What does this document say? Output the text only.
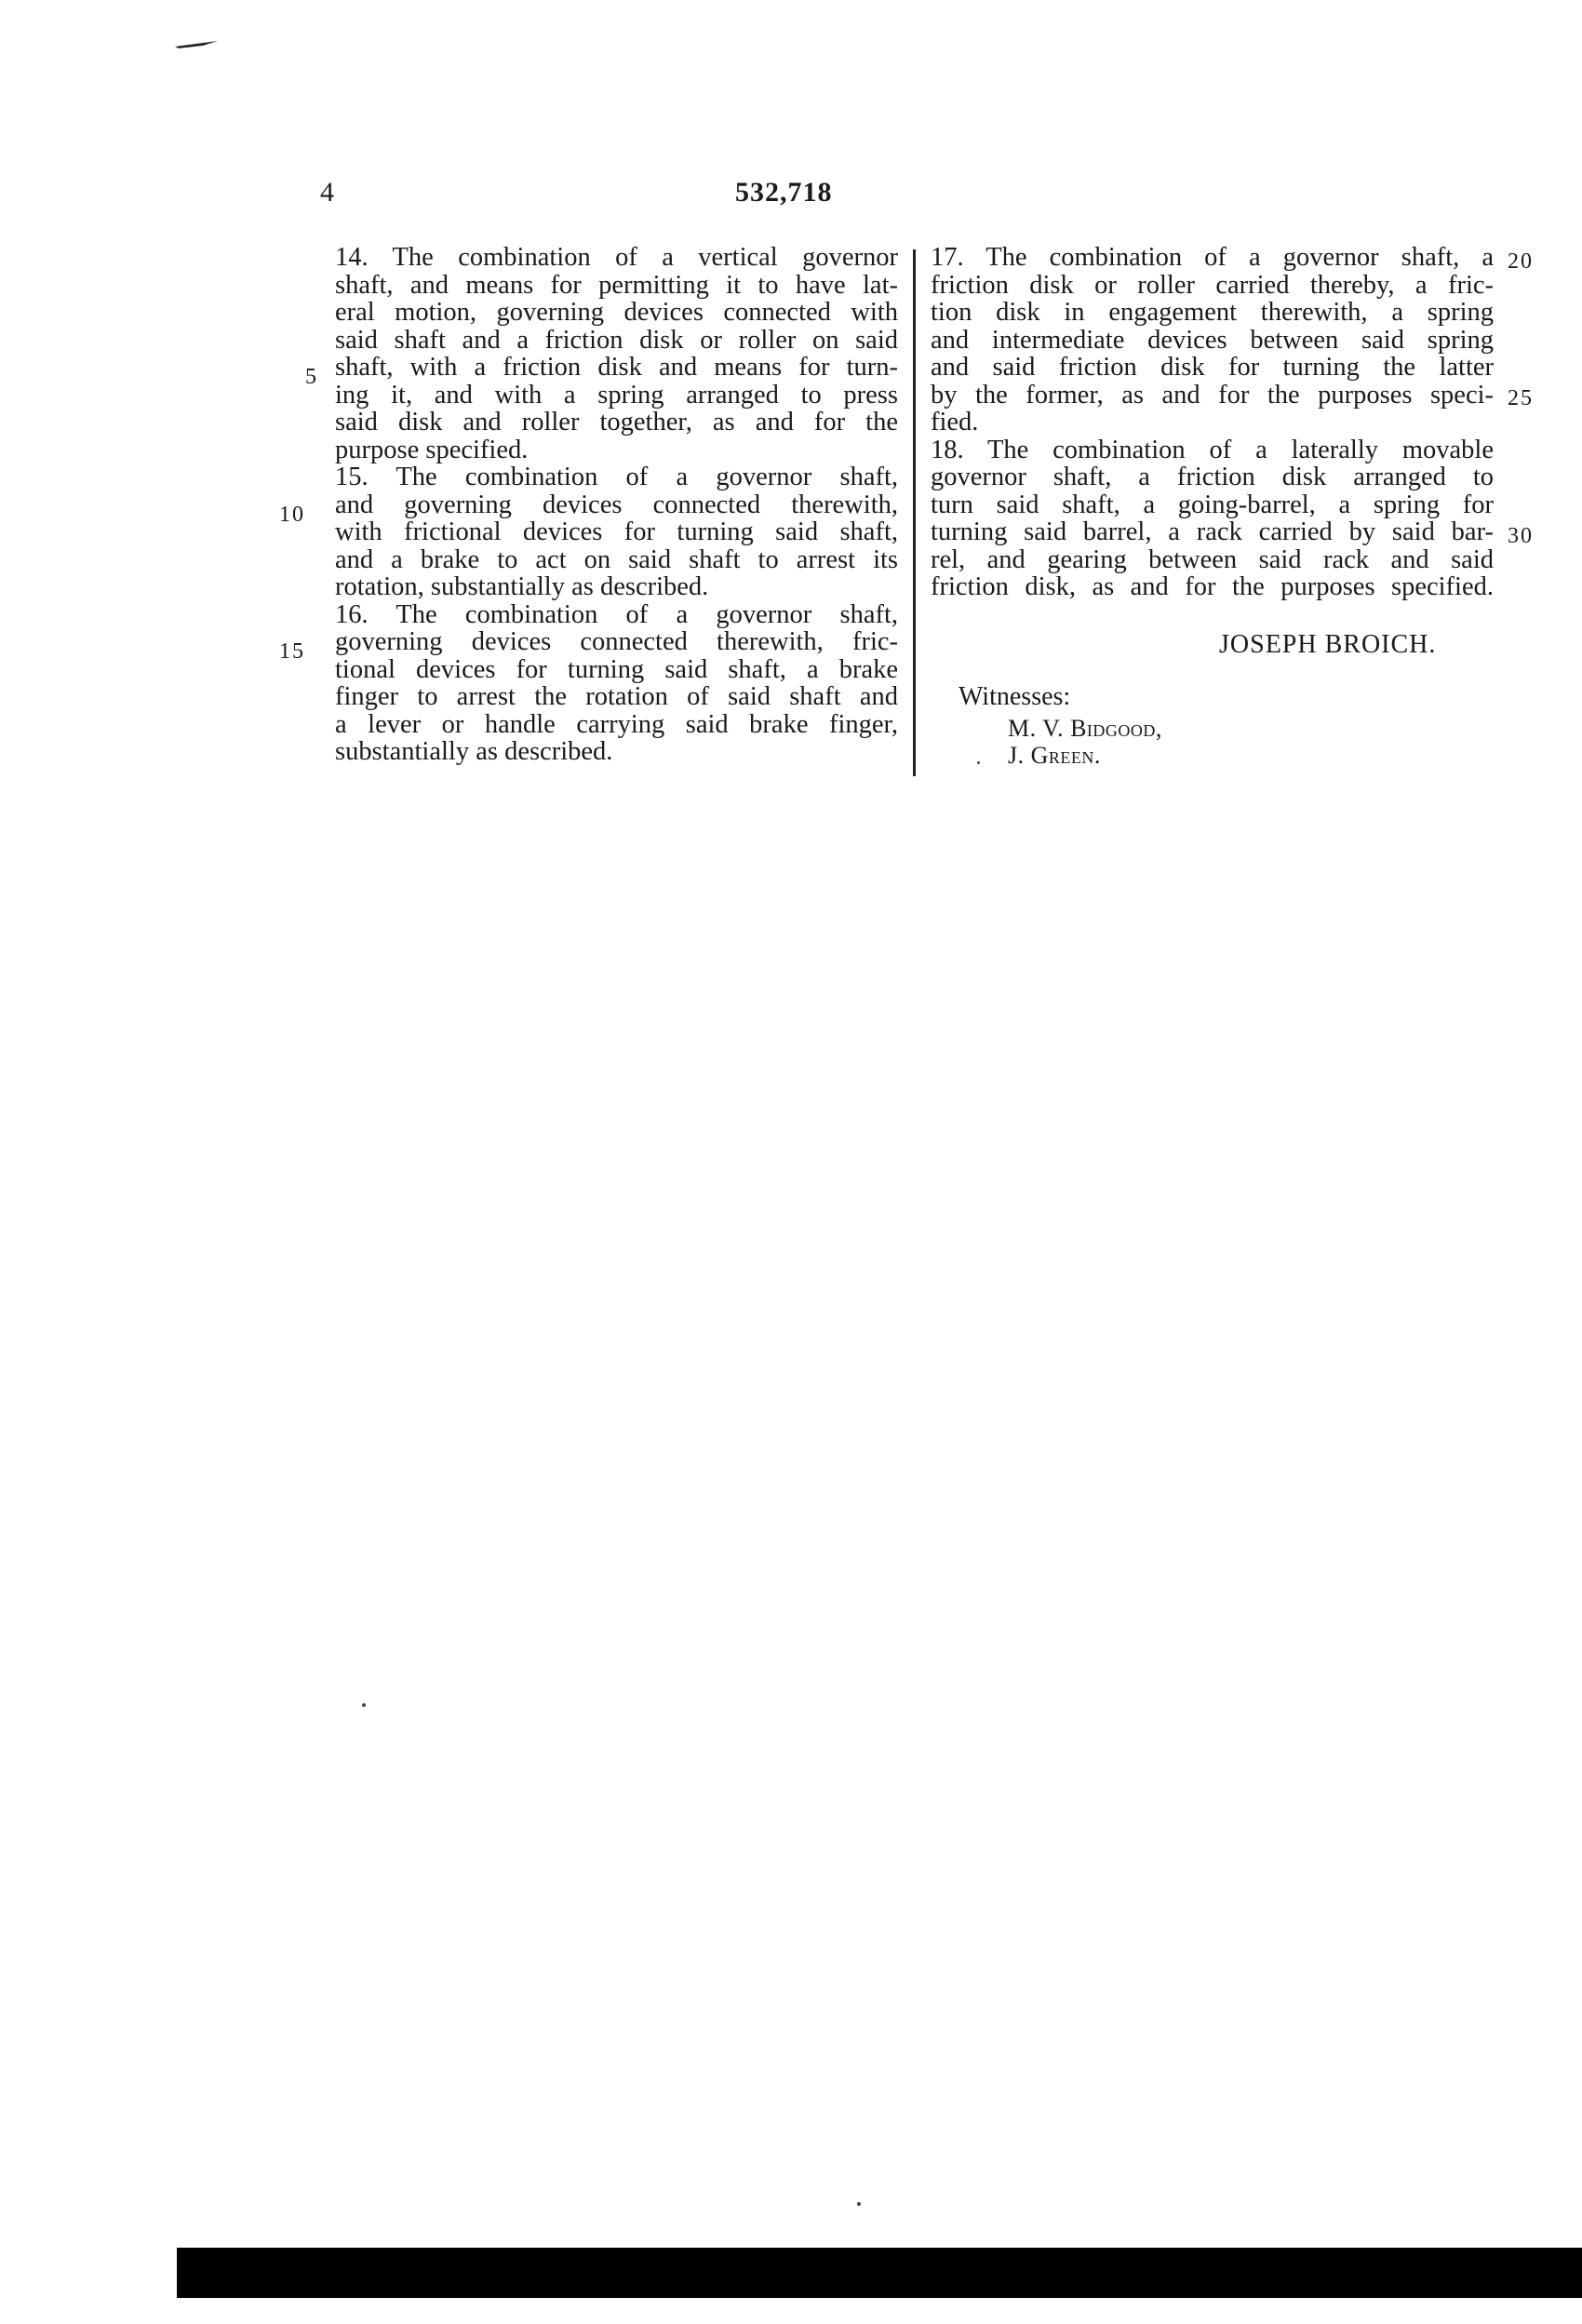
4	532,718
14. The combination of a vertical governor
shaft, and means for permitting it to have lat-
eral motion, governing devices connected with
said shaft and a friction disk or roller on said
shaft, with a friction disk and means for turn-
ing it, and with a spring arranged to press
said disk and roller together, as and for the
purpose specified.
15. The combination of a governor shaft,
and governing devices connected therewith,
with frictional devices for turning said shaft,
and a brake to act on said shaft to arrest its
rotation, substantially as described.
16. The combination of a governor shaft,
governing devices connected therewith, fric-
tional devices for turning said shaft, a brake
finger to arrest the rotation of said shaft and
a lever or handle carrying said brake finger,
substantially as described.
17. The combination of a governor shaft, a
friction disk or roller carried thereby, a fric-
tion disk in engagement therewith, a spring
and intermediate devices between said spring
and said friction disk for turning the latter
by the former, as and for the purposes speci-
fied.
18. The combination of a laterally movable
governor shaft, a friction disk arranged to
turn said shaft, a going-barrel, a spring for
turning said barrel, a rack carried by said bar-
rel, and gearing between said rack and said
friction disk, as and for the purposes specified.
5
10
15
20
25
30
JOSEPH BROICH.
Witnesses:
M. V. Bidgood,
J. Green.
